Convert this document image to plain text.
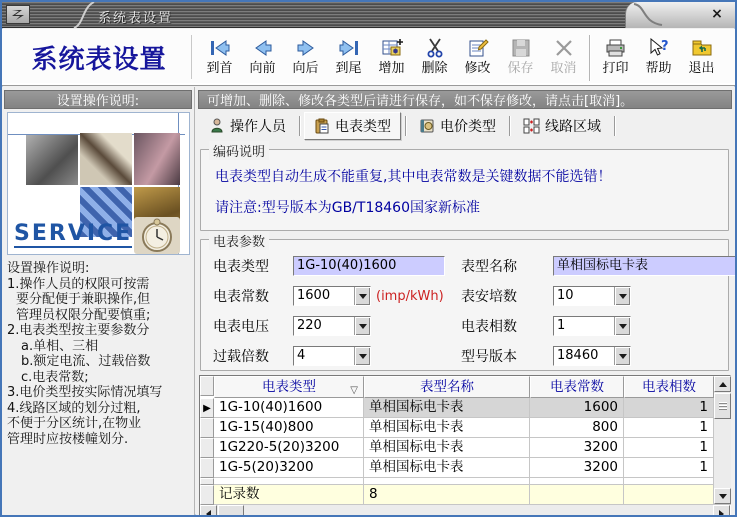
系统表设置	×
系统表设置	到首 向前 向后 到尾 增加 删除 修改 保存 取消 打印
?
帮助 退出
设置操作说明:
SERVICE
设置操作说明:
1.操作人员的权限可按需
要分配便于兼职操作,但
管理员权限分配要慎重;
2.电表类型按主要参数分
a.单相、三相
b.额定电流、过载倍数
c.电表常数;
3.电价类型按实际情况填写
4.线路区域的划分过粗,
不便于分区统计,在物业
管理时应按楼幢划分.
可增加、删除、修改各类型后请进行保存，如不保存修改，请点击[取消]。
操作人员	电表类型	电价类型	线路区域
编码说明
电表类型自动生成不能重复,其中电表常数是关键数据不能选错！
请注意:型号版本为GB/T18460国家新标准
电表参数
电表类型	1G-10(40)1600	表型名称	单相国标电卡表
电表常数	1600	(imp/kWh) 表安培数	10
电表电压	220	电表相数	1
过载倍数	4	型号版本	18460
电表类型	▽	表型名称	电表常数	电表相数
▶ 1G-10(40)1600	单相国标电卡表	1600	1
1G-15(40)800	单相国标电卡表	800	1
1G220-5(20)3200	单相国标电卡表	3200	1
1G-5(20)3200	单相国标电卡表	3200	1
记录数	8
